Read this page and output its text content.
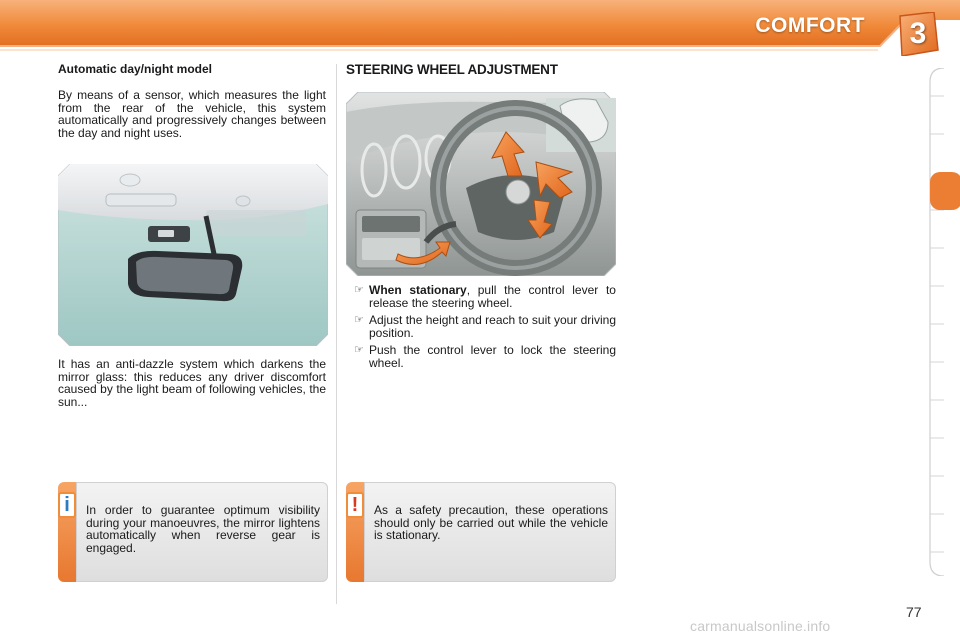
COMFORT	3

Automatic day/night model

By means of a sensor, which measures the light from the rear of the vehicle, this system automatically and progressively changes between the day and night uses.

It has an anti-dazzle system which darkens the mirror glass: this reduces any driver discomfort caused by the light beam of following vehicles, the sun...

i	In order to guarantee optimum visibility during your manoeuvres, the mirror lightens automatically when reverse gear is engaged.

STEERING WHEEL ADJUSTMENT

☞ When stationary, pull the control lever to release the steering wheel.
☞ Adjust the height and reach to suit your driving position.
☞ Push the control lever to lock the steering wheel.
!	As a safety precaution, these operations should only be carried out while the vehicle is stationary.

77
carmanualsonline.info
